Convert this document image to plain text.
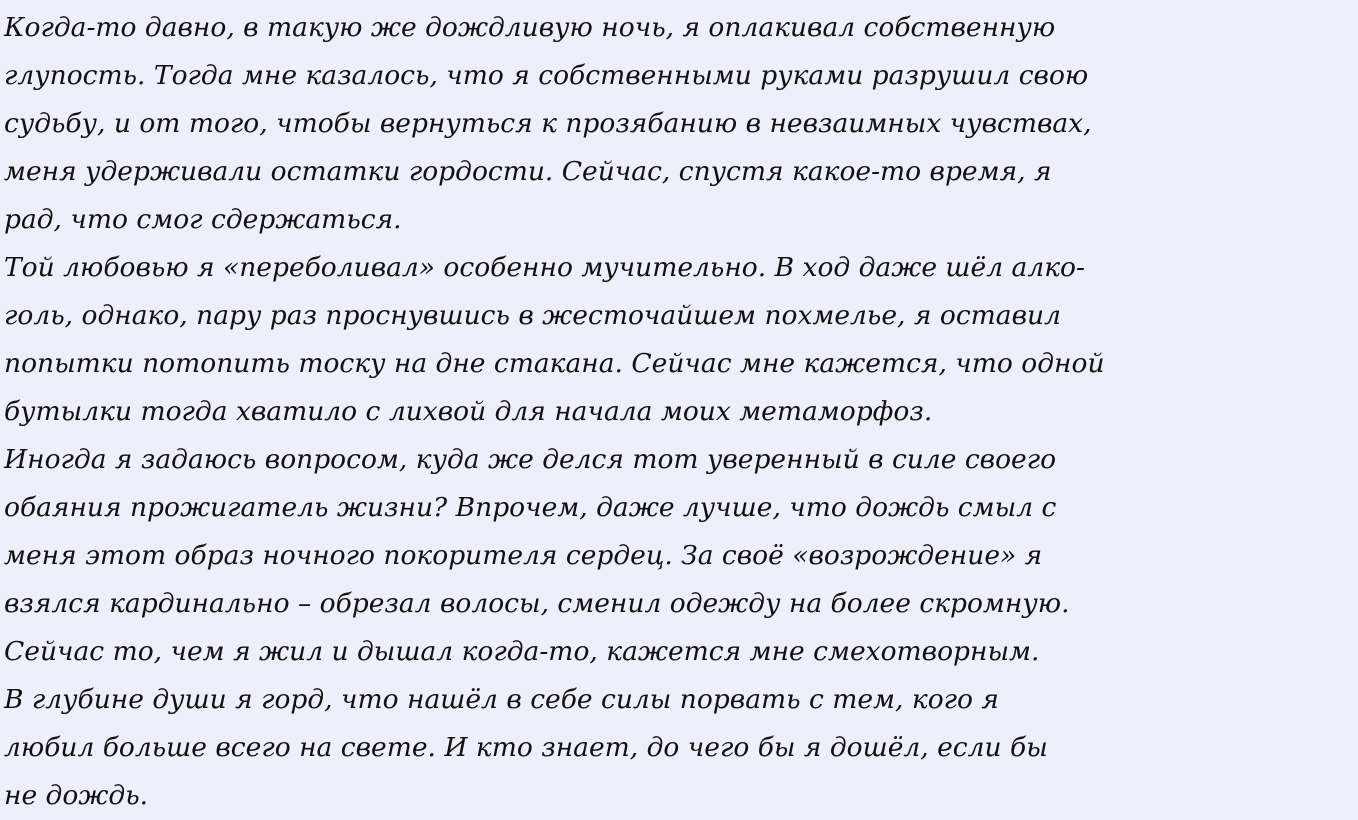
Когда-то давно, в такую же дождливую ночь, я оплакивал собственную
глупость. Тогда мне казалось, что я собственными руками разрушил свою
судьбу, и от того, чтобы вернуться к прозябанию в невзаимных чувствах,
меня удерживали остатки гордости. Сейчас, спустя какое-то время, я
рад, что смог сдержаться.
Той любовью я «переболивал» особенно мучительно. В ход даже шёл алко-
голь, однако, пару раз проснувшись в жесточайшем похмелье, я оставил
попытки потопить тоску на дне стакана. Сейчас мне кажется, что одной
бутылки тогда хватило с лихвой для начала моих метаморфоз.
Иногда я задаюсь вопросом, куда же делся тот уверенный в силе своего
обаяния прожигатель жизни? Впрочем, даже лучше, что дождь смыл с
меня этот образ ночного покорителя сердец. За своё «возрождение» я
взялся кардинально – обрезал волосы, сменил одежду на более скромную.
Сейчас то, чем я жил и дышал когда-то, кажется мне смехотворным.
В глубине души я горд, что нашёл в себе силы порвать с тем, кого я
любил больше всего на свете. И кто знает, до чего бы я дошёл, если бы
не дождь.
